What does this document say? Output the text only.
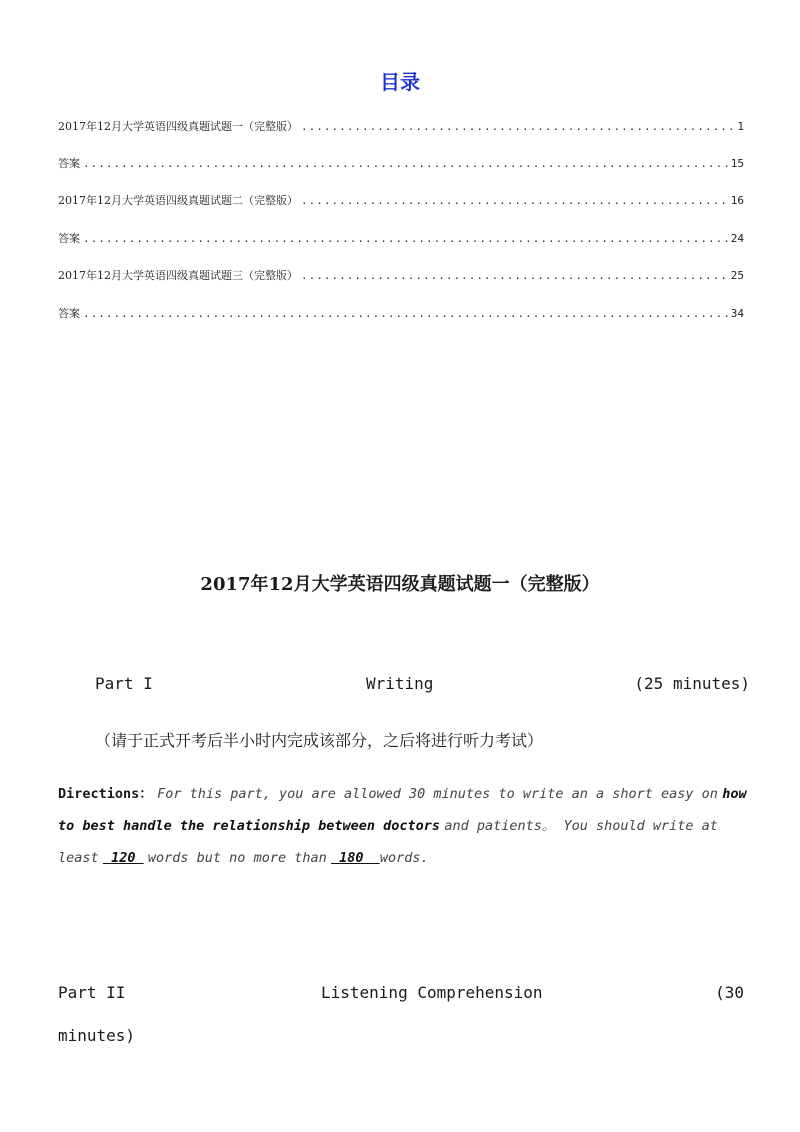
目录
2017年12月大学英语四级真题试题一（完整版） .....	1
答案 .....	15
2017年12月大学英语四级真题试题二（完整版） .....	16
答案 .....	24
2017年12月大学英语四级真题试题三（完整版） .....	25
答案 .....	34
2017年12月大学英语四级真题试题一（完整版）
Part I	Writing	(25 minutes)
（请于正式开考后半小时内完成该部分，之后将进行听力考试）
Directions： For this part, you are allowed 30 minutes to write an a short easy on how to best handle the relationship between doctors and patients。 You should write at least 120 words but no more than 180 words.
Part II	Listening Comprehension	(30
minutes)
